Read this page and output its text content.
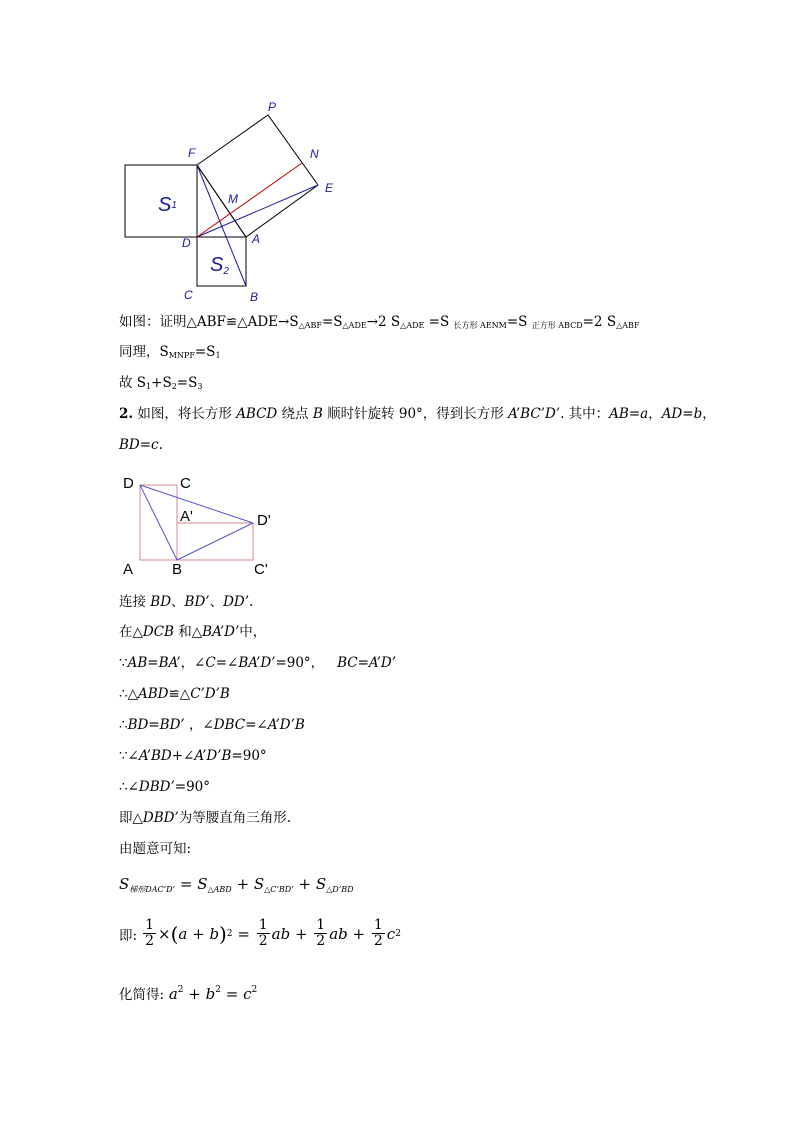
P
F	N
E
M
D	A
C	B
S1
S2
如图：证明$\triangle ABF≌\triangle ADE\to S_{\triangle ABF}=S_{\triangle ADE}\to 2$ $S_{\triangle ADE} =S$ 长方形 AENM=S 正方形 ABCD=2 $S_{\triangle ABF}$
同理，$S_{MNPF}=S_1$
故 $S_1+S_2=S_3$
2. 如图，将长方形 ABCD 绕点 B 顺时针旋转 90°，得到长方形 A’BC’D’. 其中：AB=a，AD=b，
BD=c.
D	C
A'	D'
A	B	C'
连接 BD、BD’、DD’.
在△DCB 和△BA’D’中，
∵AB=BA’，∠C=∠BA’D’=90°，   BC=A’D’
∴△ABD≌△C’D’B
∴BD=BD’ ，∠DBC=∠A’D’B
∵∠A’BD+∠A’D’B=90°
∴∠DBD’=90°
即△DBD’为等腰直角三角形.
由题意可知:
$S_{梯形DAC’D’} = S_{\triangle ABD} + S_{\triangle C’BD’} + S_{\triangle D’BD}$
即: $\frac{1}{2}$ × ( a + b ) $2 = \frac{1}{2}$ ab + $\frac{1}{2}$ ab + $\frac{1}{2}$ c 2
化简得: $a^2 + b^2 = c^2$
